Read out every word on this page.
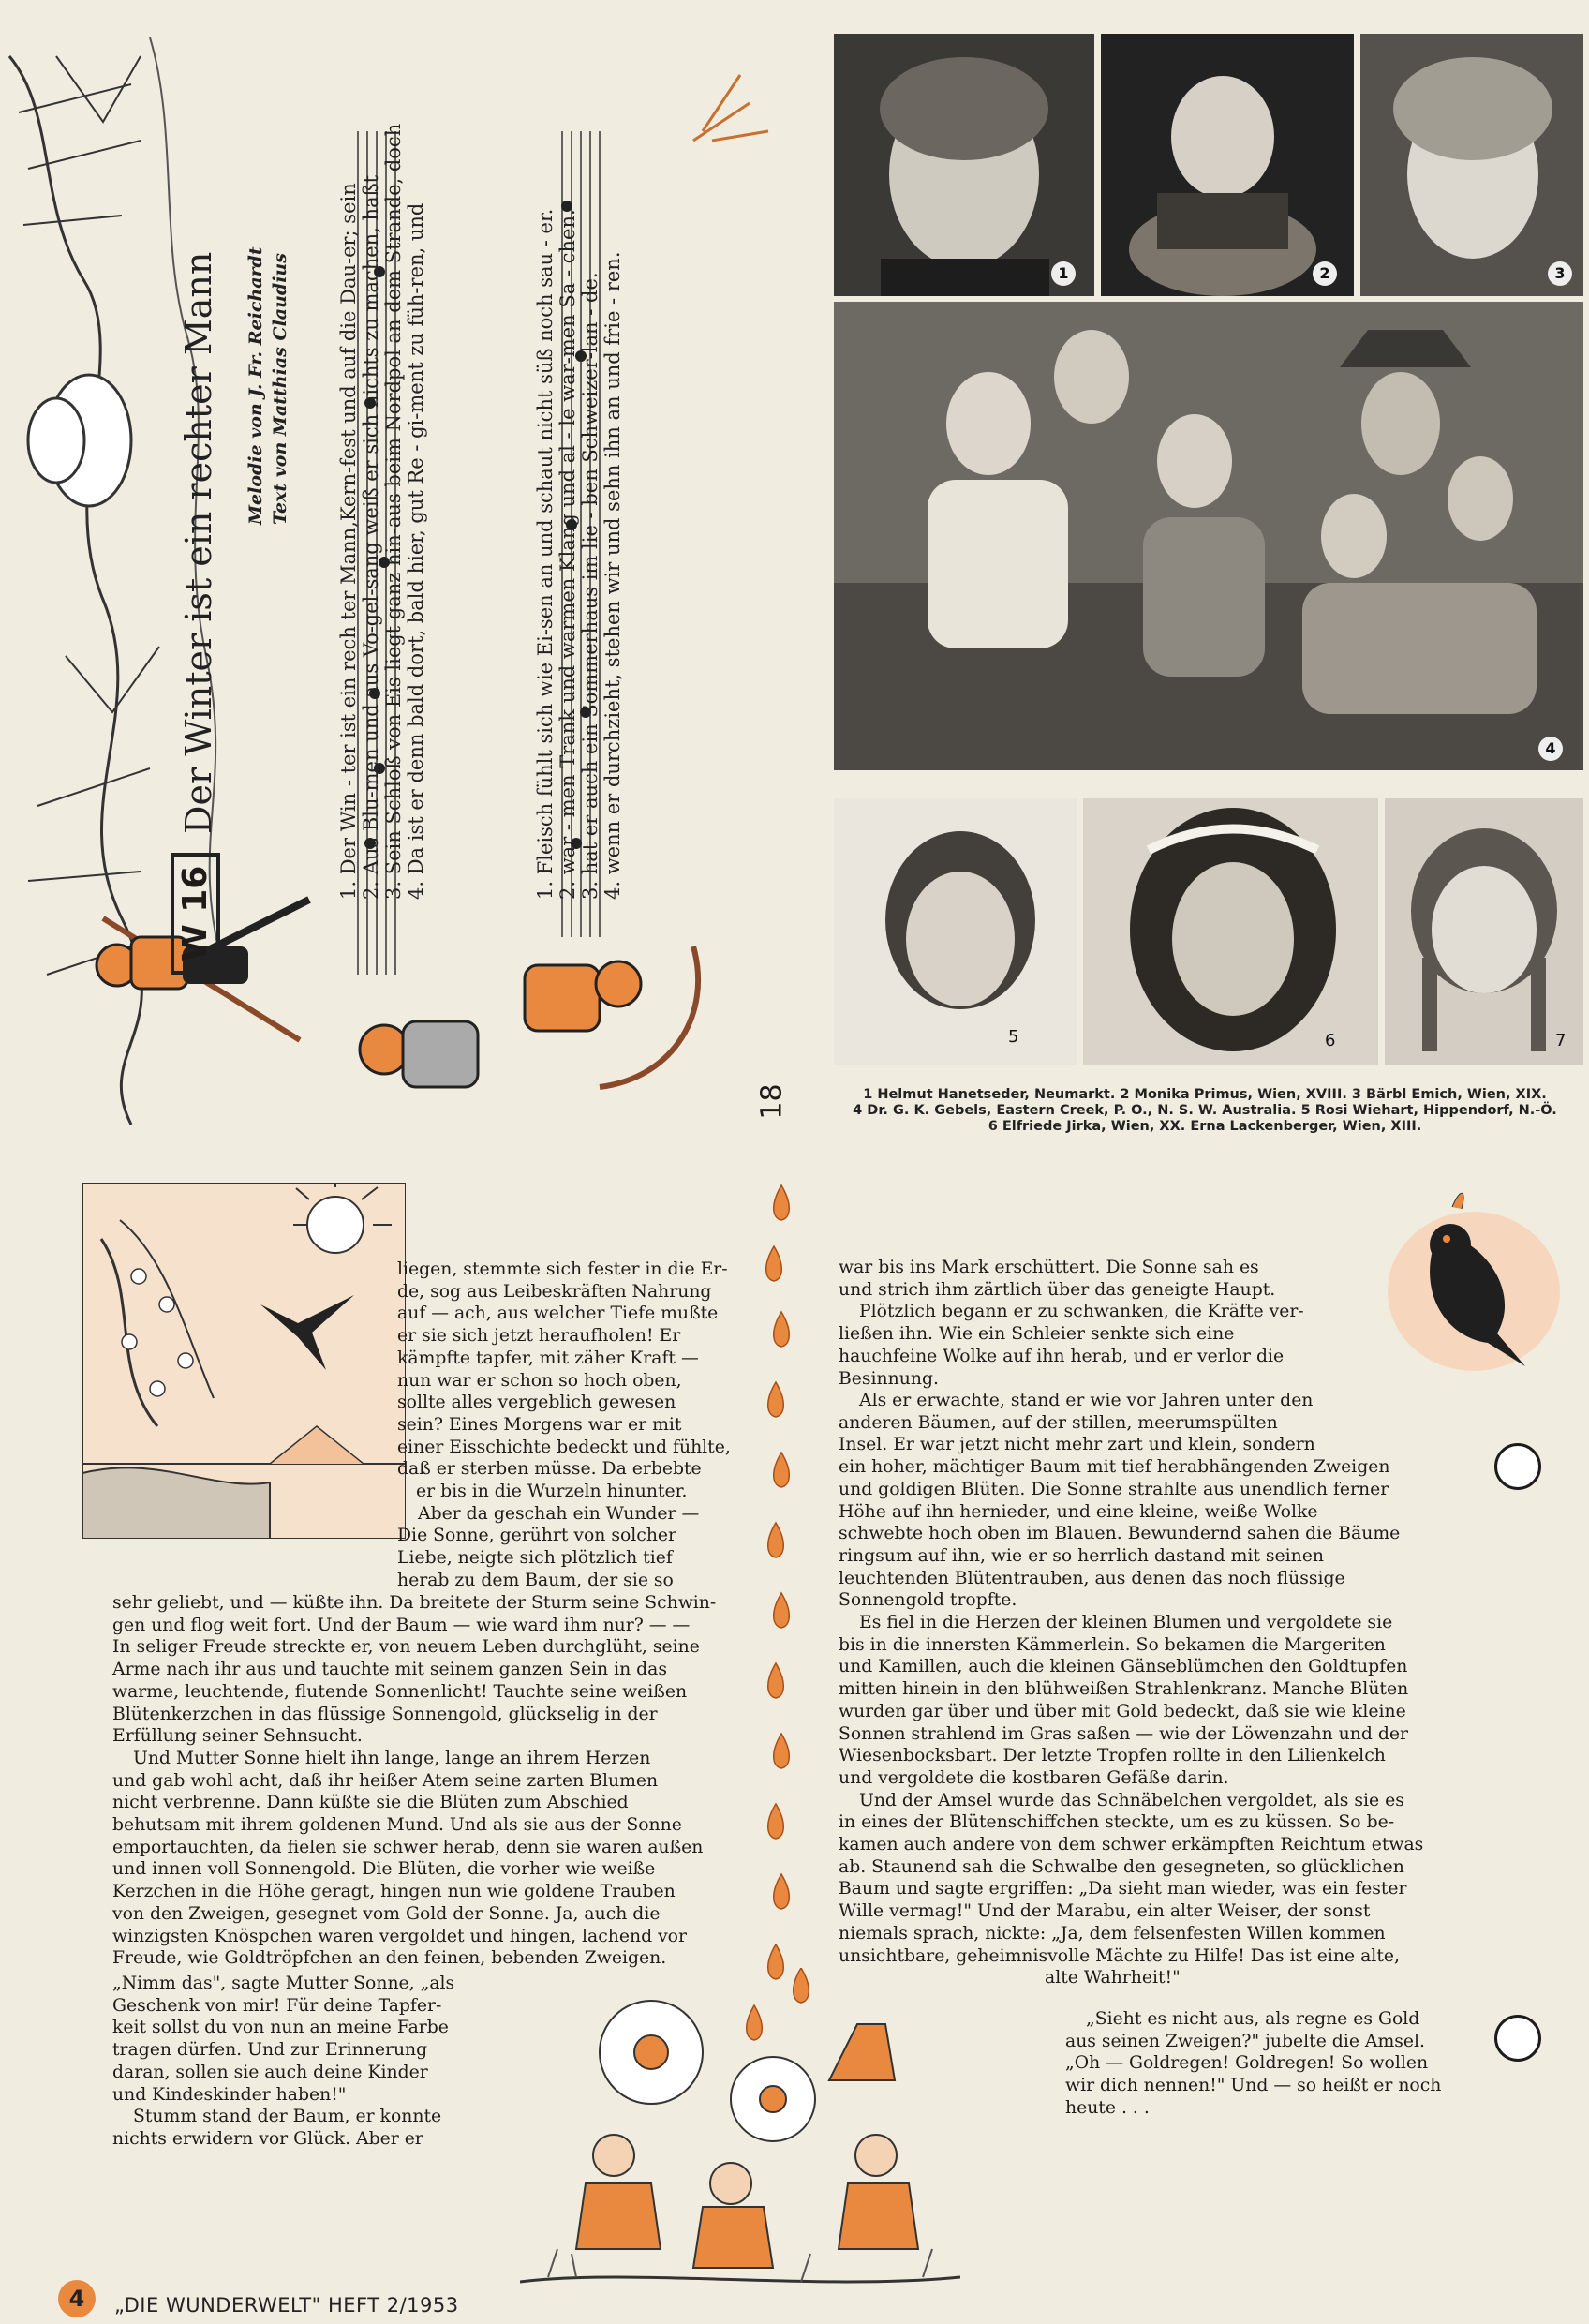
W 16
Der Winter ist ein rechter Mann Melodie von J. Fr. Reichardt Text von Matthias Claudius 1. Der Win - ter ist ein rech ter Mann,Kern-fest und auf die Dau-er; sein 2. Aus Blu-men und aus Vo-gel-sang weiß er sich nichts zu machen, haßt 3. Sein Schloß von Eis liegt ganz hin-aus beim Nordpol an dem Strande, doch 4. Da ist er denn bald dort, bald hier, gut Re - gi-ment zu füh-ren, und	1. Fleisch fühlt sich wie Ei-sen an und schaut nicht süß noch sau - er. 2. war - men Trank und warmen Klang und al - le war-men Sa - chen. 3. hat er auch ein Sommerhaus im lie - ben Schweizer-lan - de. 4. wenn er durchzieht, stehen wir und sehn ihn an und frie - ren.
18
1	2	3
4
5	6	7
1 Helmut Hanetseder, Neumarkt. 2 Monika Primus, Wien, XVIII. 3 Bärbl Emich, Wien, XIX.
4 Dr. G. K. Gebels, Eastern Creek, P. O., N. S. W. Australia. 5 Rosi Wiehart, Hippendorf, N.-Ö.
6 Elfriede Jirka, Wien, XX. Erna Lackenberger, Wien, XIII.
liegen, stemmte sich fester in die Er-
de, sog aus Leibeskräften Nahrung
auf — ach, aus welcher Tiefe mußte
er sie sich jetzt heraufholen! Er
kämpfte tapfer, mit zäher Kraft —
nun war er schon so hoch oben,
sollte alles vergeblich gewesen
sein? Eines Morgens war er mit
einer Eisschichte bedeckt und fühlte,
daß er sterben müsse. Da erbebte
er bis in die Wurzeln hinunter.
Aber da geschah ein Wunder —
Die Sonne, gerührt von solcher
Liebe, neigte sich plötzlich tief
herab zu dem Baum, der sie so
sehr geliebt, und — küßte ihn. Da breitete der Sturm seine Schwin-
gen und flog weit fort. Und der Baum — wie ward ihm nur? — —
In seliger Freude streckte er, von neuem Leben durchglüht, seine
Arme nach ihr aus und tauchte mit seinem ganzen Sein in das
warme, leuchtende, flutende Sonnenlicht! Tauchte seine weißen
Blütenkerzchen in das flüssige Sonnengold, glückselig in der
Erfüllung seiner Sehnsucht.
Und Mutter Sonne hielt ihn lange, lange an ihrem Herzen
und gab wohl acht, daß ihr heißer Atem seine zarten Blumen
nicht verbrenne. Dann küßte sie die Blüten zum Abschied
behutsam mit ihrem goldenen Mund. Und als sie aus der Sonne
emportauchten, da fielen sie schwer herab, denn sie waren außen
und innen voll Sonnengold. Die Blüten, die vorher wie weiße
Kerzchen in die Höhe geragt, hingen nun wie goldene Trauben
von den Zweigen, gesegnet vom Gold der Sonne. Ja, auch die
winzigsten Knöspchen waren vergoldet und hingen, lachend vor
Freude, wie Goldtröpfchen an den feinen, bebenden Zweigen.
„Nimm das", sagte Mutter Sonne, „als
Geschenk von mir! Für deine Tapfer-
keit sollst du von nun an meine Farbe
tragen dürfen. Und zur Erinnerung
daran, sollen sie auch deine Kinder
und Kindeskinder haben!"
Stumm stand der Baum, er konnte
nichts erwidern vor Glück. Aber er
war bis ins Mark erschüttert. Die Sonne sah es
und strich ihm zärtlich über das geneigte Haupt.
Plötzlich begann er zu schwanken, die Kräfte ver-
ließen ihn. Wie ein Schleier senkte sich eine
hauchfeine Wolke auf ihn herab, und er verlor die
Besinnung.
Als er erwachte, stand er wie vor Jahren unter den
anderen Bäumen, auf der stillen, meerumspülten
Insel. Er war jetzt nicht mehr zart und klein, sondern
ein hoher, mächtiger Baum mit tief herabhängenden Zweigen
und goldigen Blüten. Die Sonne strahlte aus unendlich ferner
Höhe auf ihn hernieder, und eine kleine, weiße Wolke
schwebte hoch oben im Blauen. Bewundernd sahen die Bäume
ringsum auf ihn, wie er so herrlich dastand mit seinen
leuchtenden Blütentrauben, aus denen das noch flüssige
Sonnengold tropfte.
Es fiel in die Herzen der kleinen Blumen und vergoldete sie
bis in die innersten Kämmerlein. So bekamen die Margeriten
und Kamillen, auch die kleinen Gänseblümchen den Goldtupfen
mitten hinein in den blühweißen Strahlenkranz. Manche Blüten
wurden gar über und über mit Gold bedeckt, daß sie wie kleine
Sonnen strahlend im Gras saßen — wie der Löwenzahn und der
Wiesenbocksbart. Der letzte Tropfen rollte in den Lilienkelch
und vergoldete die kostbaren Gefäße darin.
Und der Amsel wurde das Schnäbelchen vergoldet, als sie es
in eines der Blütenschiffchen steckte, um es zu küssen. So be-
kamen auch andere von dem schwer erkämpften Reichtum etwas
ab. Staunend sah die Schwalbe den gesegneten, so glücklichen
Baum und sagte ergriffen: „Da sieht man wieder, was ein fester
Wille vermag!" Und der Marabu, ein alter Weiser, der sonst
niemals sprach, nickte: „Ja, dem felsenfesten Willen kommen
unsichtbare, geheimnisvolle Mächte zu Hilfe! Das ist eine alte,
alte Wahrheit!"
„Sieht es nicht aus, als regne es Gold
aus seinen Zweigen?" jubelte die Amsel.
„Oh — Goldregen! Goldregen! So wollen
wir dich nennen!" Und — so heißt er noch
heute . . .
4	„DIE WUNDERWELT" HEFT 2/1953
